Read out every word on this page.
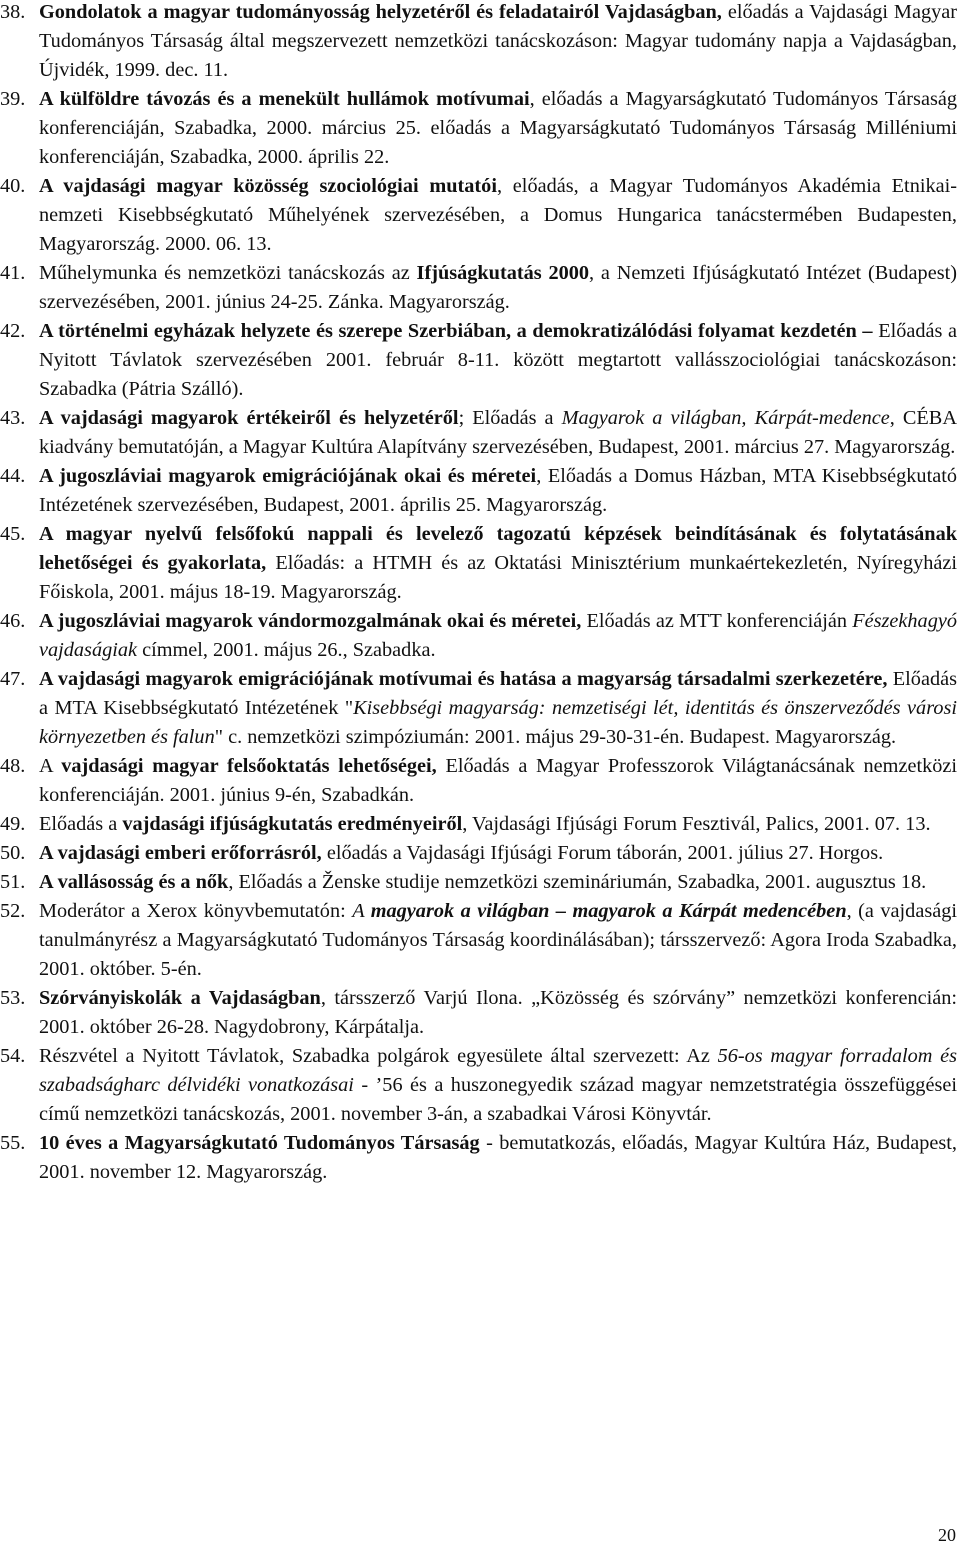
38. Gondolatok a magyar tudományosság helyzetéről és feladatairól Vajdaságban, előadás a Vajdasági Magyar Tudományos Társaság által megszervezett nemzetközi tanácskozáson: Magyar tudomány napja a Vajdaságban, Újvidék, 1999. dec. 11.
39. A külföldre távozás és a menekült hullámok motívumai, előadás a Magyarságkutató Tudományos Társaság konferenciáján, Szabadka, 2000. március 25. előadás a Magyarságkutató Tudományos Társaság Milléniumi konferenciáján, Szabadka, 2000. április 22.
40. A vajdasági magyar közösség szociológiai mutatói, előadás, a Magyar Tudományos Akadémia Etnikai-nemzeti Kisebbségkutató Műhelyének szervezésében, a Domus Hungarica tanácstermében Budapesten, Magyarország. 2000. 06. 13.
41. Műhelymunka és nemzetközi tanácskozás az Ifjúságkutatás 2000, a Nemzeti Ifjúságkutató Intézet (Budapest) szervezésében, 2001. június 24-25. Zánka. Magyarország.
42. A történelmi egyházak helyzete és szerepe Szerbiában, a demokratizálódási folyamat kezdetén – Előadás a Nyitott Távlatok szervezésében 2001. február 8-11. között megtartott vallásszociológiai tanácskozáson: Szabadka (Pátria Szálló).
43. A vajdasági magyarok értékeiről és helyzetéről; Előadás a Magyarok a világban, Kárpát-medence, CÉBA kiadvány bemutatóján, a Magyar Kultúra Alapítvány szervezésében, Budapest, 2001. március 27. Magyarország.
44. A jugoszláviai magyarok emigrációjának okai és méretei, Előadás a Domus Házban, MTA Kisebbségkutató Intézetének szervezésében, Budapest, 2001. április 25. Magyarország.
45. A magyar nyelvű felsőfokú nappali és levelező tagozatú képzések beindításának és folytatásának lehetőségei és gyakorlata, Előadás: a HTMH és az Oktatási Minisztérium munkaértekezletén, Nyíregyházi Főiskola, 2001. május 18-19. Magyarország.
46. A jugoszláviai magyarok vándormozgalmának okai és méretei, Előadás az MTT konferenciáján Fészekhagyó vajdaságiak címmel, 2001. május 26., Szabadka.
47. A vajdasági magyarok emigrációjának motívumai és hatása a magyarság társadalmi szerkezetére, Előadás a MTA Kisebbségkutató Intézetének "Kisebbségi magyarság: nemzetiségi lét, identitás és önszerveződés városi környezetben és falun" c. nemzetközi szimpóziumán: 2001. május 29-30-31-én. Budapest. Magyarország.
48. A vajdasági magyar felsőoktatás lehetőségei, Előadás a Magyar Professzorok Világtanácsának nemzetközi konferenciáján. 2001. június 9-én, Szabadkán.
49. Előadás a vajdasági ifjúságkutatás eredményeiről, Vajdasági Ifjúsági Forum Fesztivál, Palics, 2001. 07. 13.
50. A vajdasági emberi erőforrásról, előadás a Vajdasági Ifjúsági Forum táborán, 2001. július 27. Horgos.
51. A vallásosság és a nők, Előadás a Ženske studije nemzetközi szemináriumán, Szabadka, 2001. augusztus 18.
52. Moderátor a Xerox könyvbemutatón: A magyarok a világban – magyarok a Kárpát medencében, (a vajdasági tanulmányrész a Magyarságkutató Tudományos Társaság koordinálásában); társszervező: Agora Iroda Szabadka, 2001. október. 5-én.
53. Szórványiskolák a Vajdaságban, társszerző Varjú Ilona. „Közösség és szórvány” nemzetközi konferencián: 2001. október 26-28. Nagydobrony, Kárpátalja.
54. Részvétel a Nyitott Távlatok, Szabadka polgárok egyesülete által szervezett: Az 56-os magyar forradalom és szabadságharc délvidéki vonatkozásai - ’56 és a huszonegyedik század magyar nemzetstratégia összefüggései című nemzetközi tanácskozás, 2001. november 3-án, a szabadkai Városi Könyvtár.
55. 10 éves a Magyarságkutató Tudományos Társaság - bemutatkozás, előadás, Magyar Kultúra Ház, Budapest, 2001. november 12. Magyarország.
20
